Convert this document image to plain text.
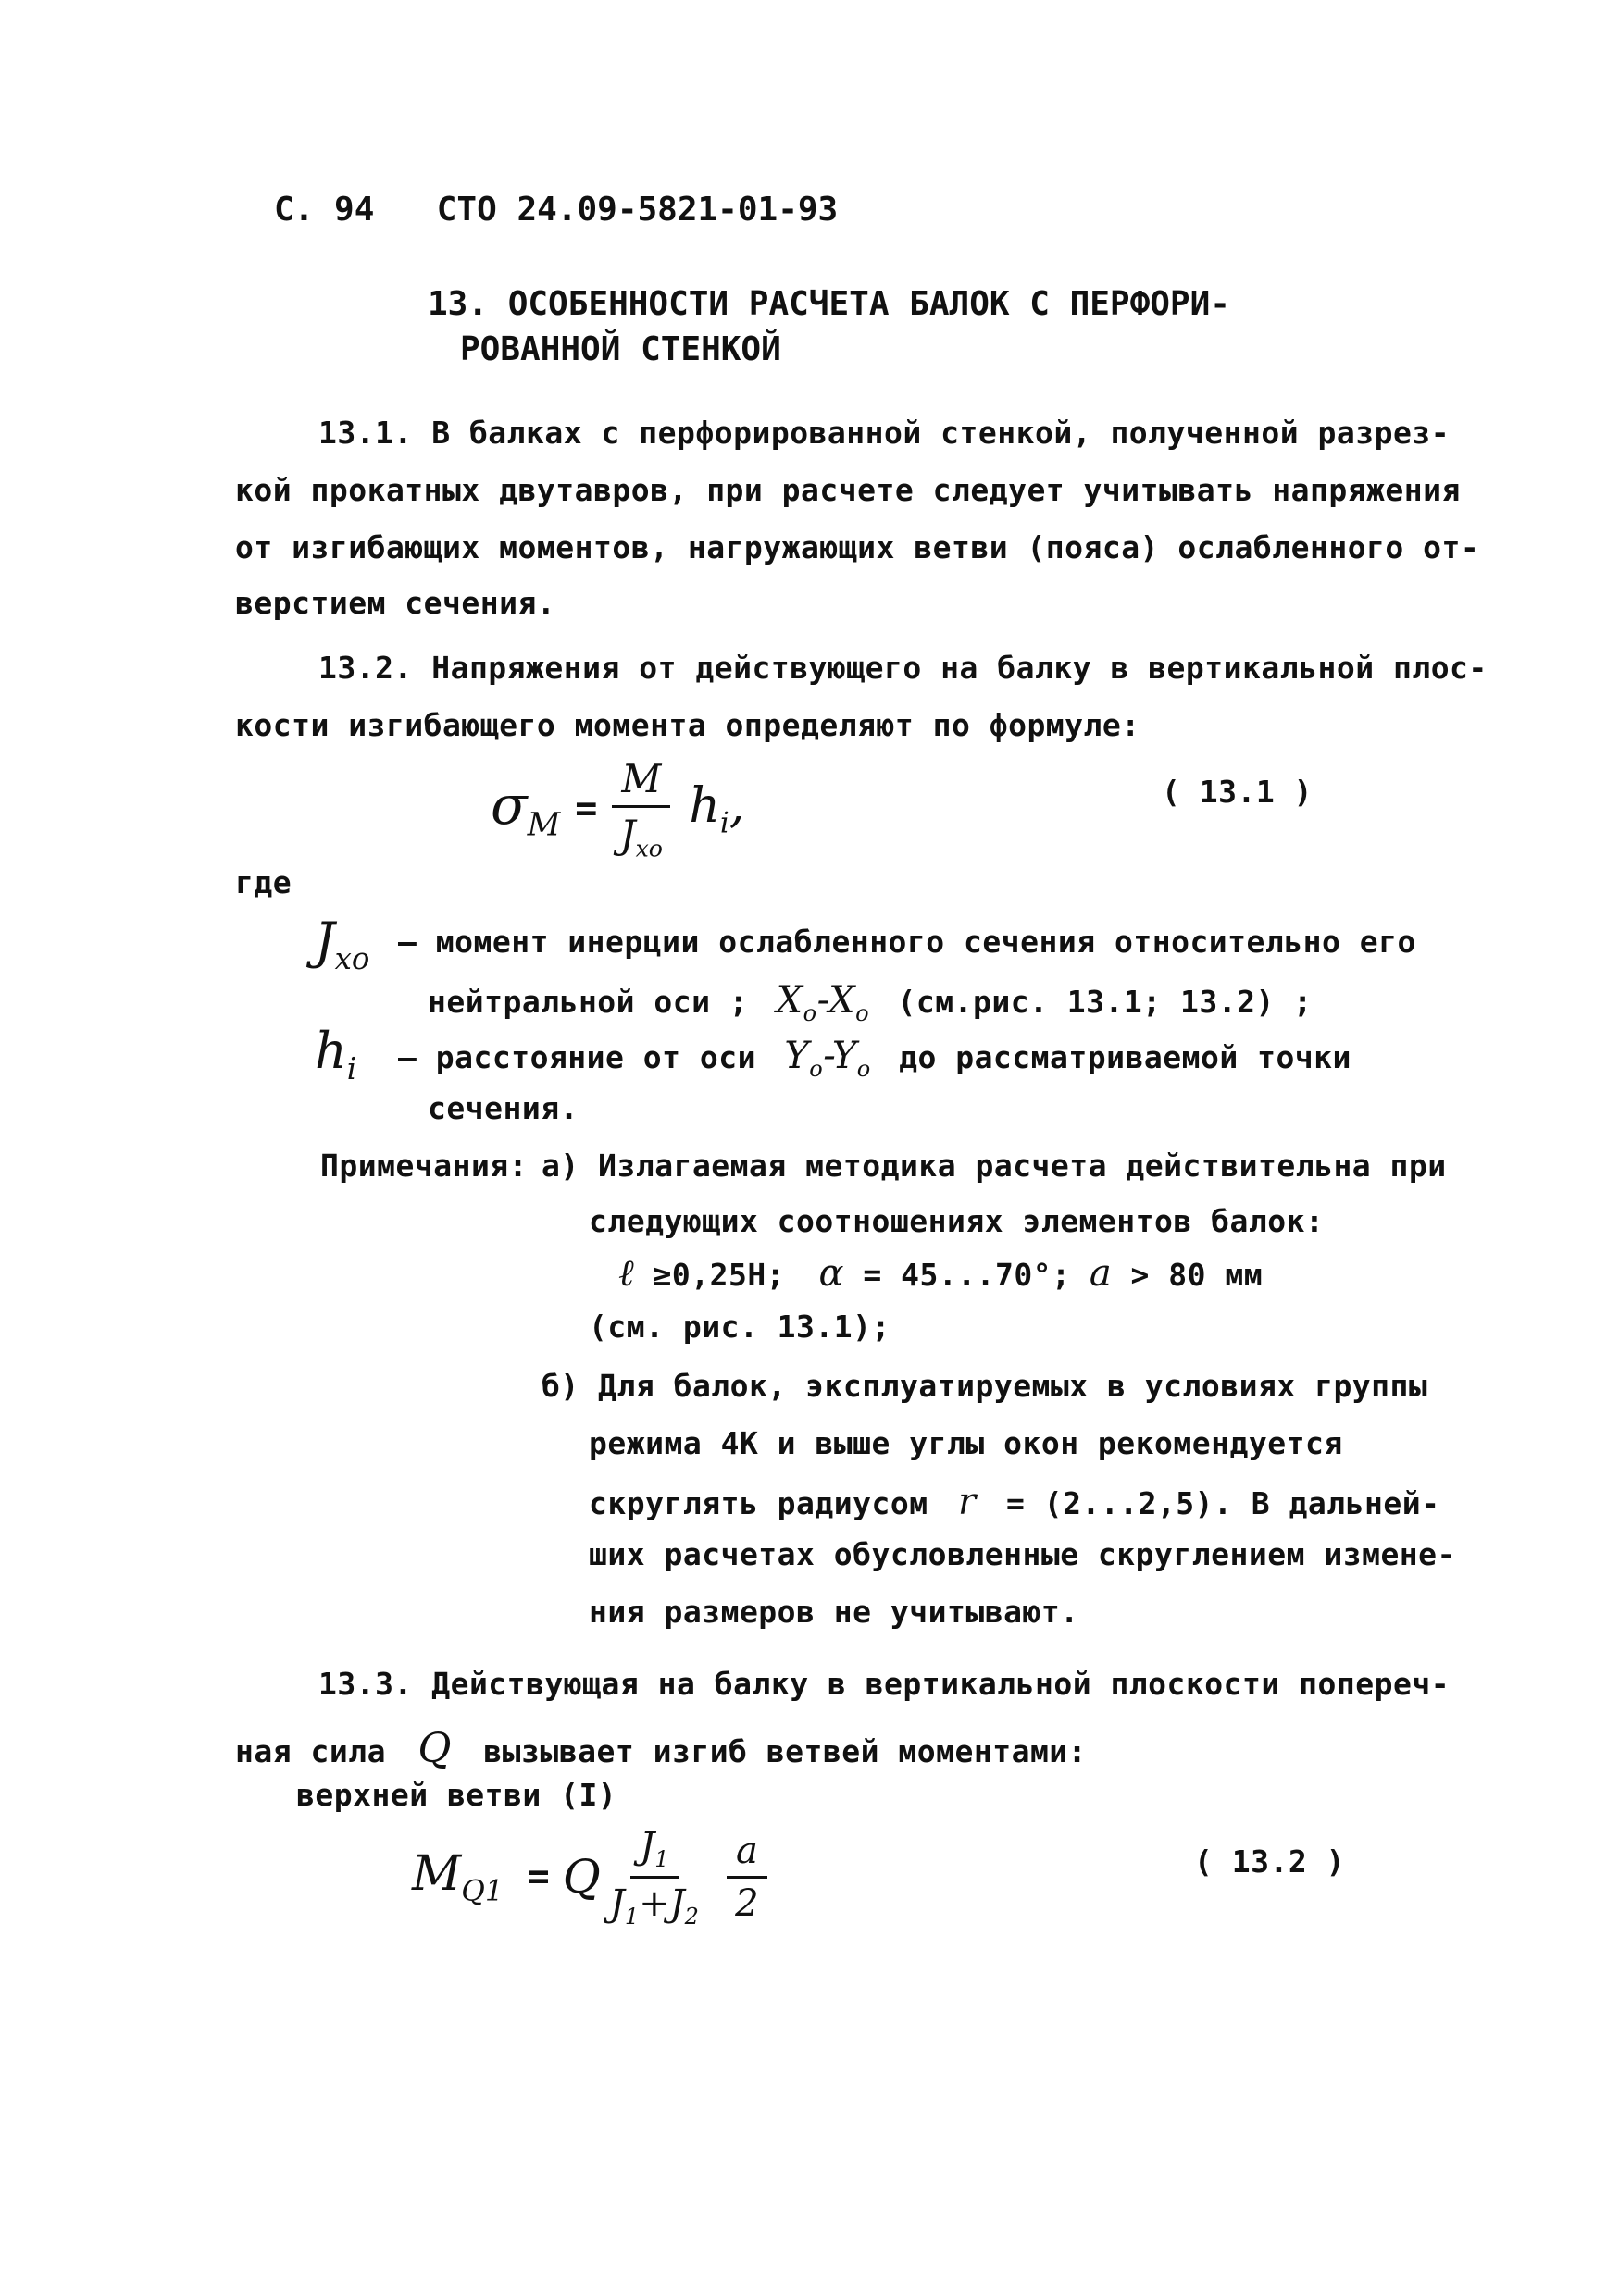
С. 94 СТО 24.09-5821-01-93
13. ОСОБЕННОСТИ РАСЧЕТА БАЛОК С ПЕРФОРИ-
РОВАННОЙ СТЕНКОЙ
13.1. В балках с перфорированной стенкой, полученной разрез-
кой прокатных двутавров, при расчете следует учитывать напряжения
от изгибающих моментов, нагружающих ветви (пояса) ослабленного от-
верстием сечения.
13.2. Напряжения от действующего на балку в вертикальной плос-
кости изгибающего момента определяют по формуле:
$\sigma_M = \frac{M}{J_{xo}} h_i$,	( 13.1 )
где
$J_{xo}$ – момент инерции ослабленного сечения относительно его
нейтральной оси ; $X_o-X_o$ (см.рис. 13.1; 13.2) ;
$h_i$ – расстояние от оси $Y_o-Y_o$ до рассматриваемой точки
сечения.
Примечания: а) Излагаемая методика расчета действительна при
следующих соотношениях элементов балок:
ℓ ≥0,25H; α = 45...70°; a > 80 мм
(см. рис. 13.1);
б) Для балок, эксплуатируемых в условиях группы
режима 4К и выше углы окон рекомендуется
скруглять радиусом r = (2...2,5). В дальней-
ших расчетах обусловленные скруглением измене-
ния размеров не учитывают.
13.3. Действующая на балку в вертикальной плоскости попереч-
ная сила Q вызывает изгиб ветвей моментами:
верхней ветви (I)
$M_{Q1} = Q \frac{J_1}{J_1+J_2} \frac{a}{2}$	( 13.2 )
